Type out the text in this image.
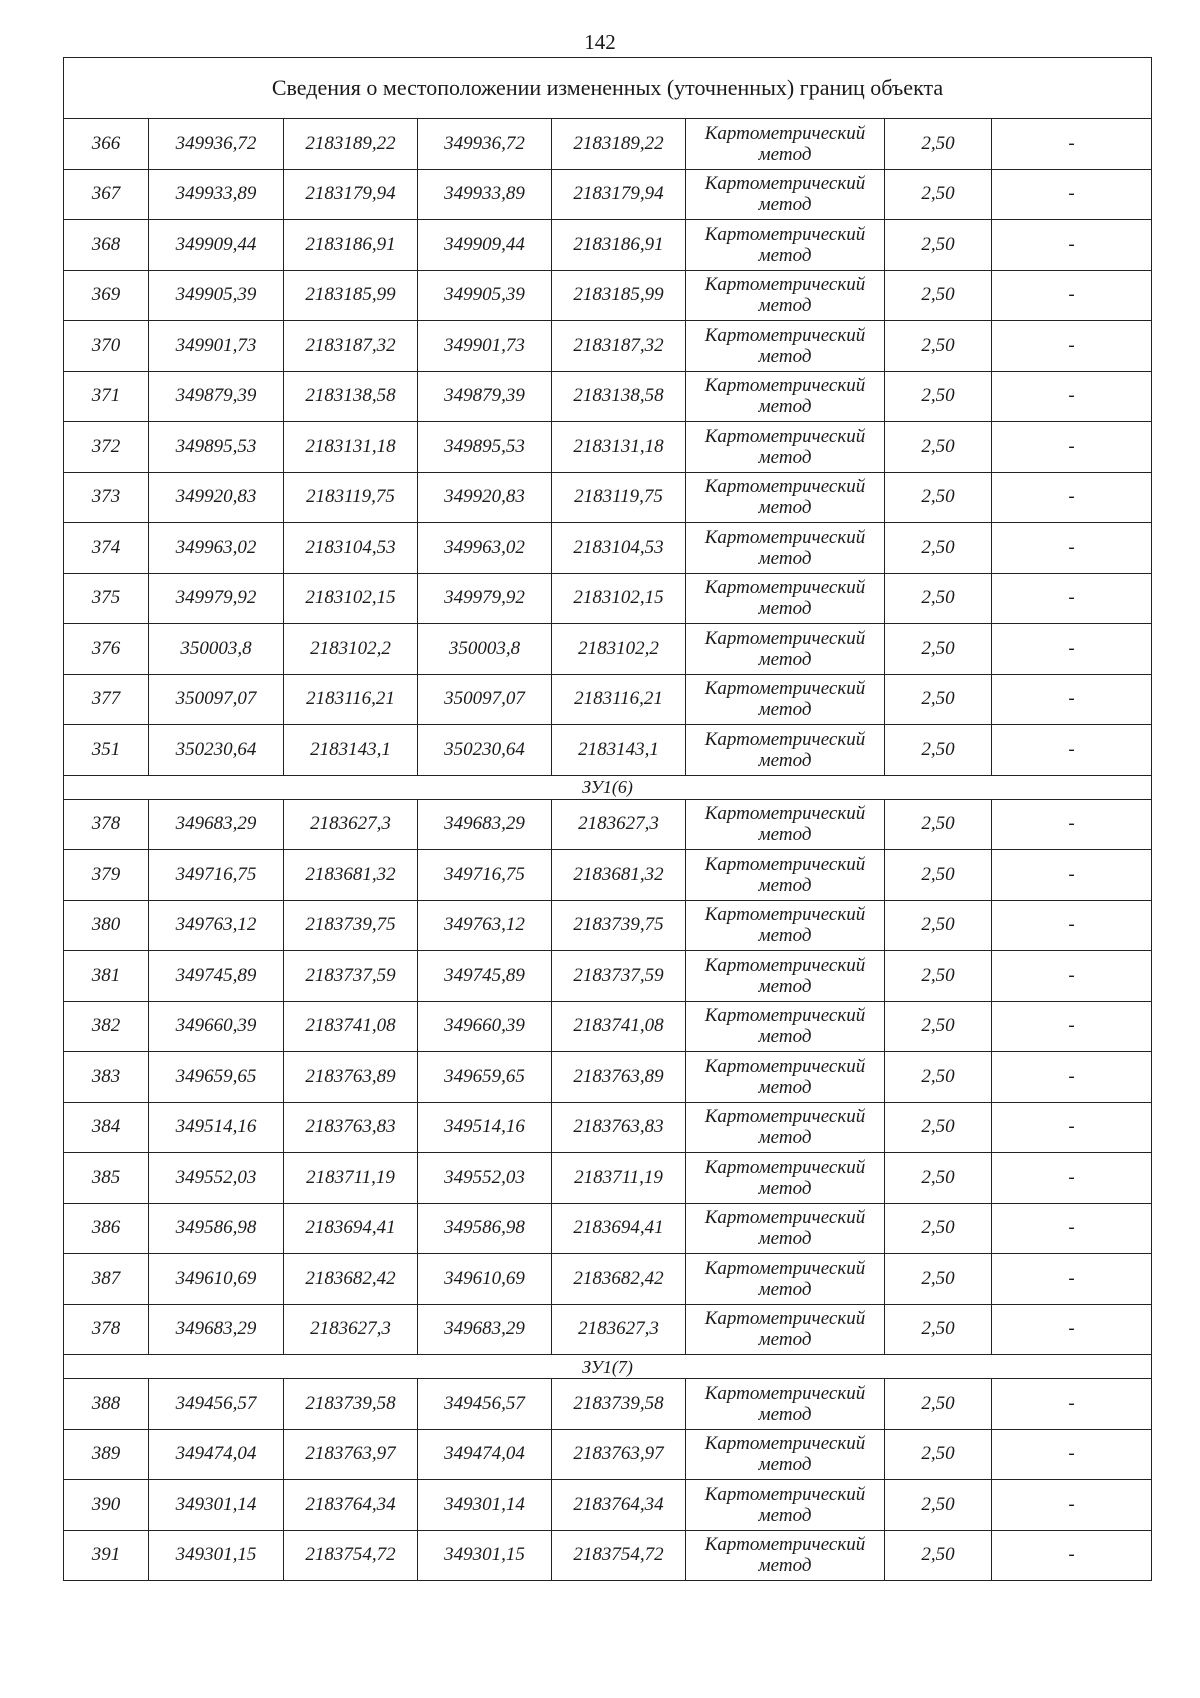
142
Сведения о местоположении измененных (уточненных) границ объекта							
366	349936,72	2183189,22	349936,72	2183189,22	Картометрический
метод	2,50	-
367	349933,89	2183179,94	349933,89	2183179,94	Картометрический
метод	2,50	-
368	349909,44	2183186,91	349909,44	2183186,91	Картометрический
метод	2,50	-
369	349905,39	2183185,99	349905,39	2183185,99	Картометрический
метод	2,50	-
370	349901,73	2183187,32	349901,73	2183187,32	Картометрический
метод	2,50	-
371	349879,39	2183138,58	349879,39	2183138,58	Картометрический
метод	2,50	-
372	349895,53	2183131,18	349895,53	2183131,18	Картометрический
метод	2,50	-
373	349920,83	2183119,75	349920,83	2183119,75	Картометрический
метод	2,50	-
374	349963,02	2183104,53	349963,02	2183104,53	Картометрический
метод	2,50	-
375	349979,92	2183102,15	349979,92	2183102,15	Картометрический
метод	2,50	-
376	350003,8	2183102,2	350003,8	2183102,2	Картометрический
метод	2,50	-
377	350097,07	2183116,21	350097,07	2183116,21	Картометрический
метод	2,50	-
351	350230,64	2183143,1	350230,64	2183143,1	Картометрический
метод	2,50	-
ЗУ1(6)							
378	349683,29	2183627,3	349683,29	2183627,3	Картометрический
метод	2,50	-
379	349716,75	2183681,32	349716,75	2183681,32	Картометрический
метод	2,50	-
380	349763,12	2183739,75	349763,12	2183739,75	Картометрический
метод	2,50	-
381	349745,89	2183737,59	349745,89	2183737,59	Картометрический
метод	2,50	-
382	349660,39	2183741,08	349660,39	2183741,08	Картометрический
метод	2,50	-
383	349659,65	2183763,89	349659,65	2183763,89	Картометрический
метод	2,50	-
384	349514,16	2183763,83	349514,16	2183763,83	Картометрический
метод	2,50	-
385	349552,03	2183711,19	349552,03	2183711,19	Картометрический
метод	2,50	-
386	349586,98	2183694,41	349586,98	2183694,41	Картометрический
метод	2,50	-
387	349610,69	2183682,42	349610,69	2183682,42	Картометрический
метод	2,50	-
378	349683,29	2183627,3	349683,29	2183627,3	Картометрический
метод	2,50	-
ЗУ1(7)							
388	349456,57	2183739,58	349456,57	2183739,58	Картометрический
метод	2,50	-
389	349474,04	2183763,97	349474,04	2183763,97	Картометрический
метод	2,50	-
390	349301,14	2183764,34	349301,14	2183764,34	Картометрический
метод	2,50	-
391	349301,15	2183754,72	349301,15	2183754,72	Картометрический
метод	2,50	-
